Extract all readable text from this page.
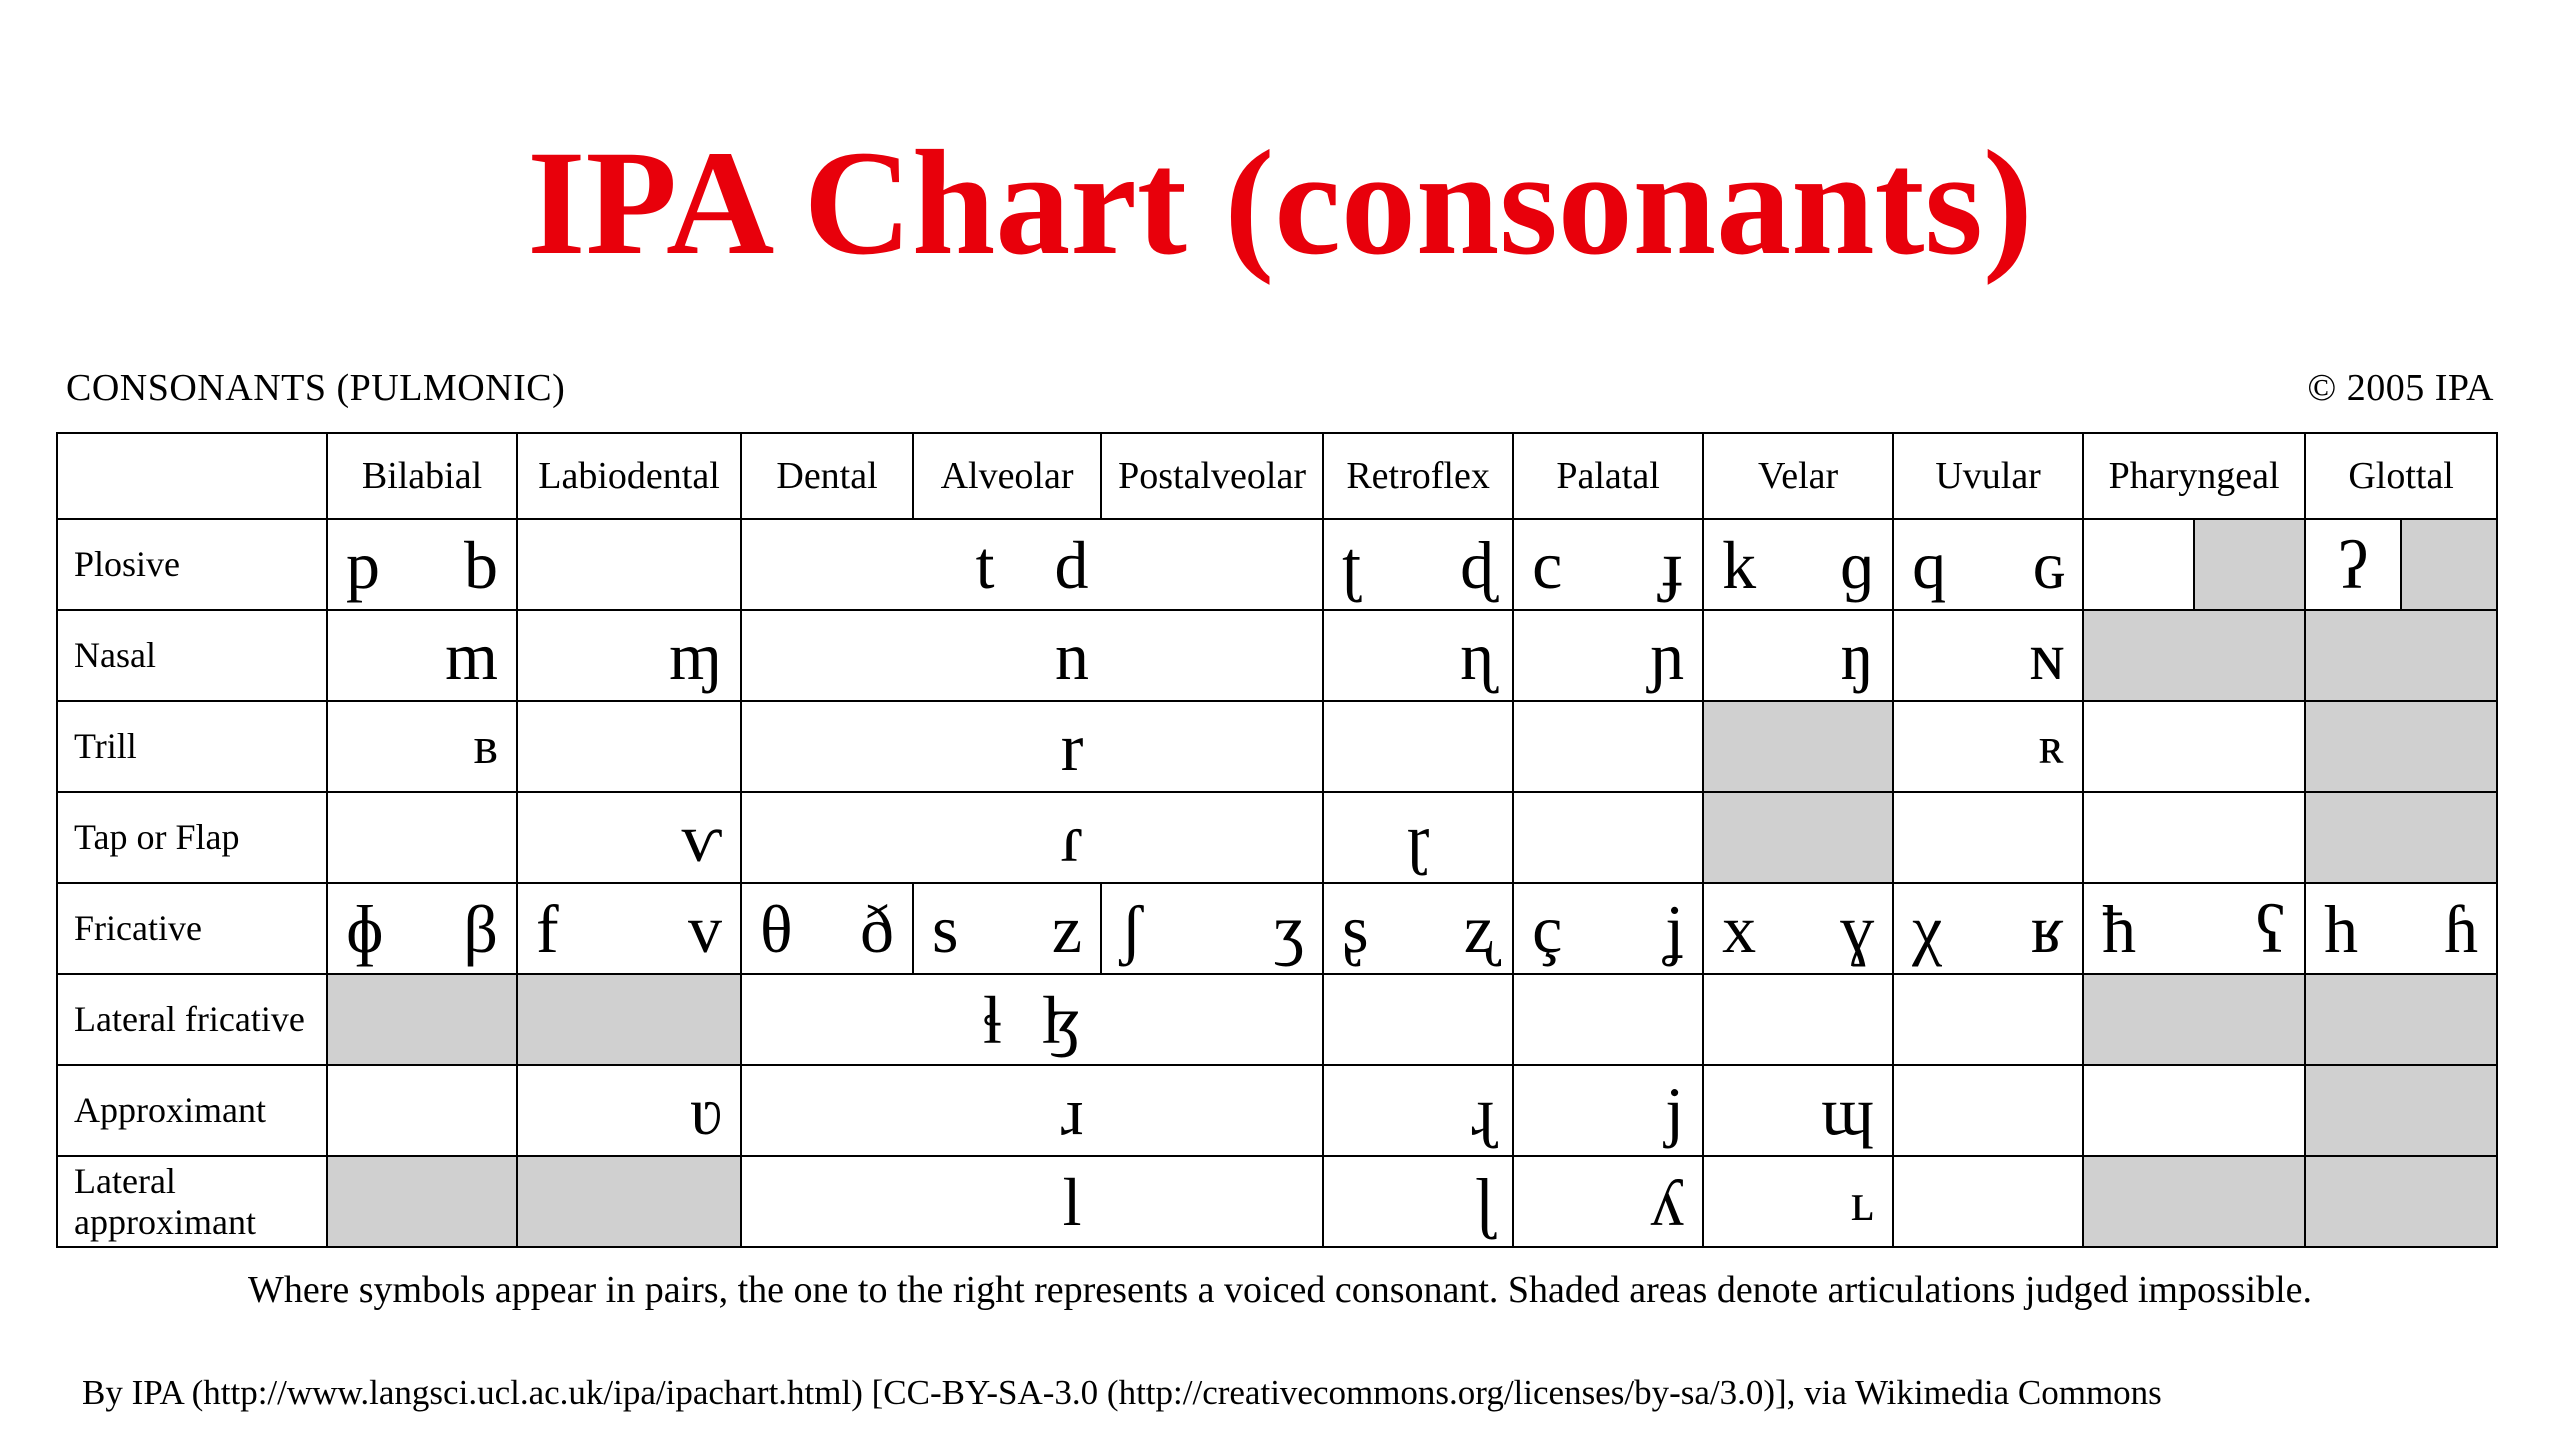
IPA Chart (consonants)
CONSONANTS (PULMONIC)	© 2005 IPA
	Bilabial	Labiodental	Dental	Alveolar	Postalveolar	Retroflex	Palatal	Velar	Uvular	Pharyngeal		Glottal	
Plosive	p b		t d			ʈ ɖ	c ɟ	k ɡ	q ɢ			ʔ	

Nasal	m	ɱ	n			ɳ	ɲ	ŋ	ɴ				

Trill	ʙ		r						ʀ				

Tap or Flap		ⱱ	ɾ			ɽ							

Fricative	ɸ β	f v	θ ð	s z	ʃ ʒ	ʂ ʐ	ç ʝ	x ɣ	χ ʁ	ħ ʕ		h ɦ	

Lateral fricative			ɬ ɮ										

Approximant		ʋ	ɹ			ɻ	j	ɰ					

Lateral approximant			l			ɭ	ʎ	ʟ					

Where symbols appear in pairs, the one to the right represents a voiced consonant. Shaded areas denote articulations judged impossible.
By IPA (http://www.langsci.ucl.ac.uk/ipa/ipachart.html) [CC-BY-SA-3.0 (http://creativecommons.org/licenses/by-sa/3.0)], via Wikimedia Commons
